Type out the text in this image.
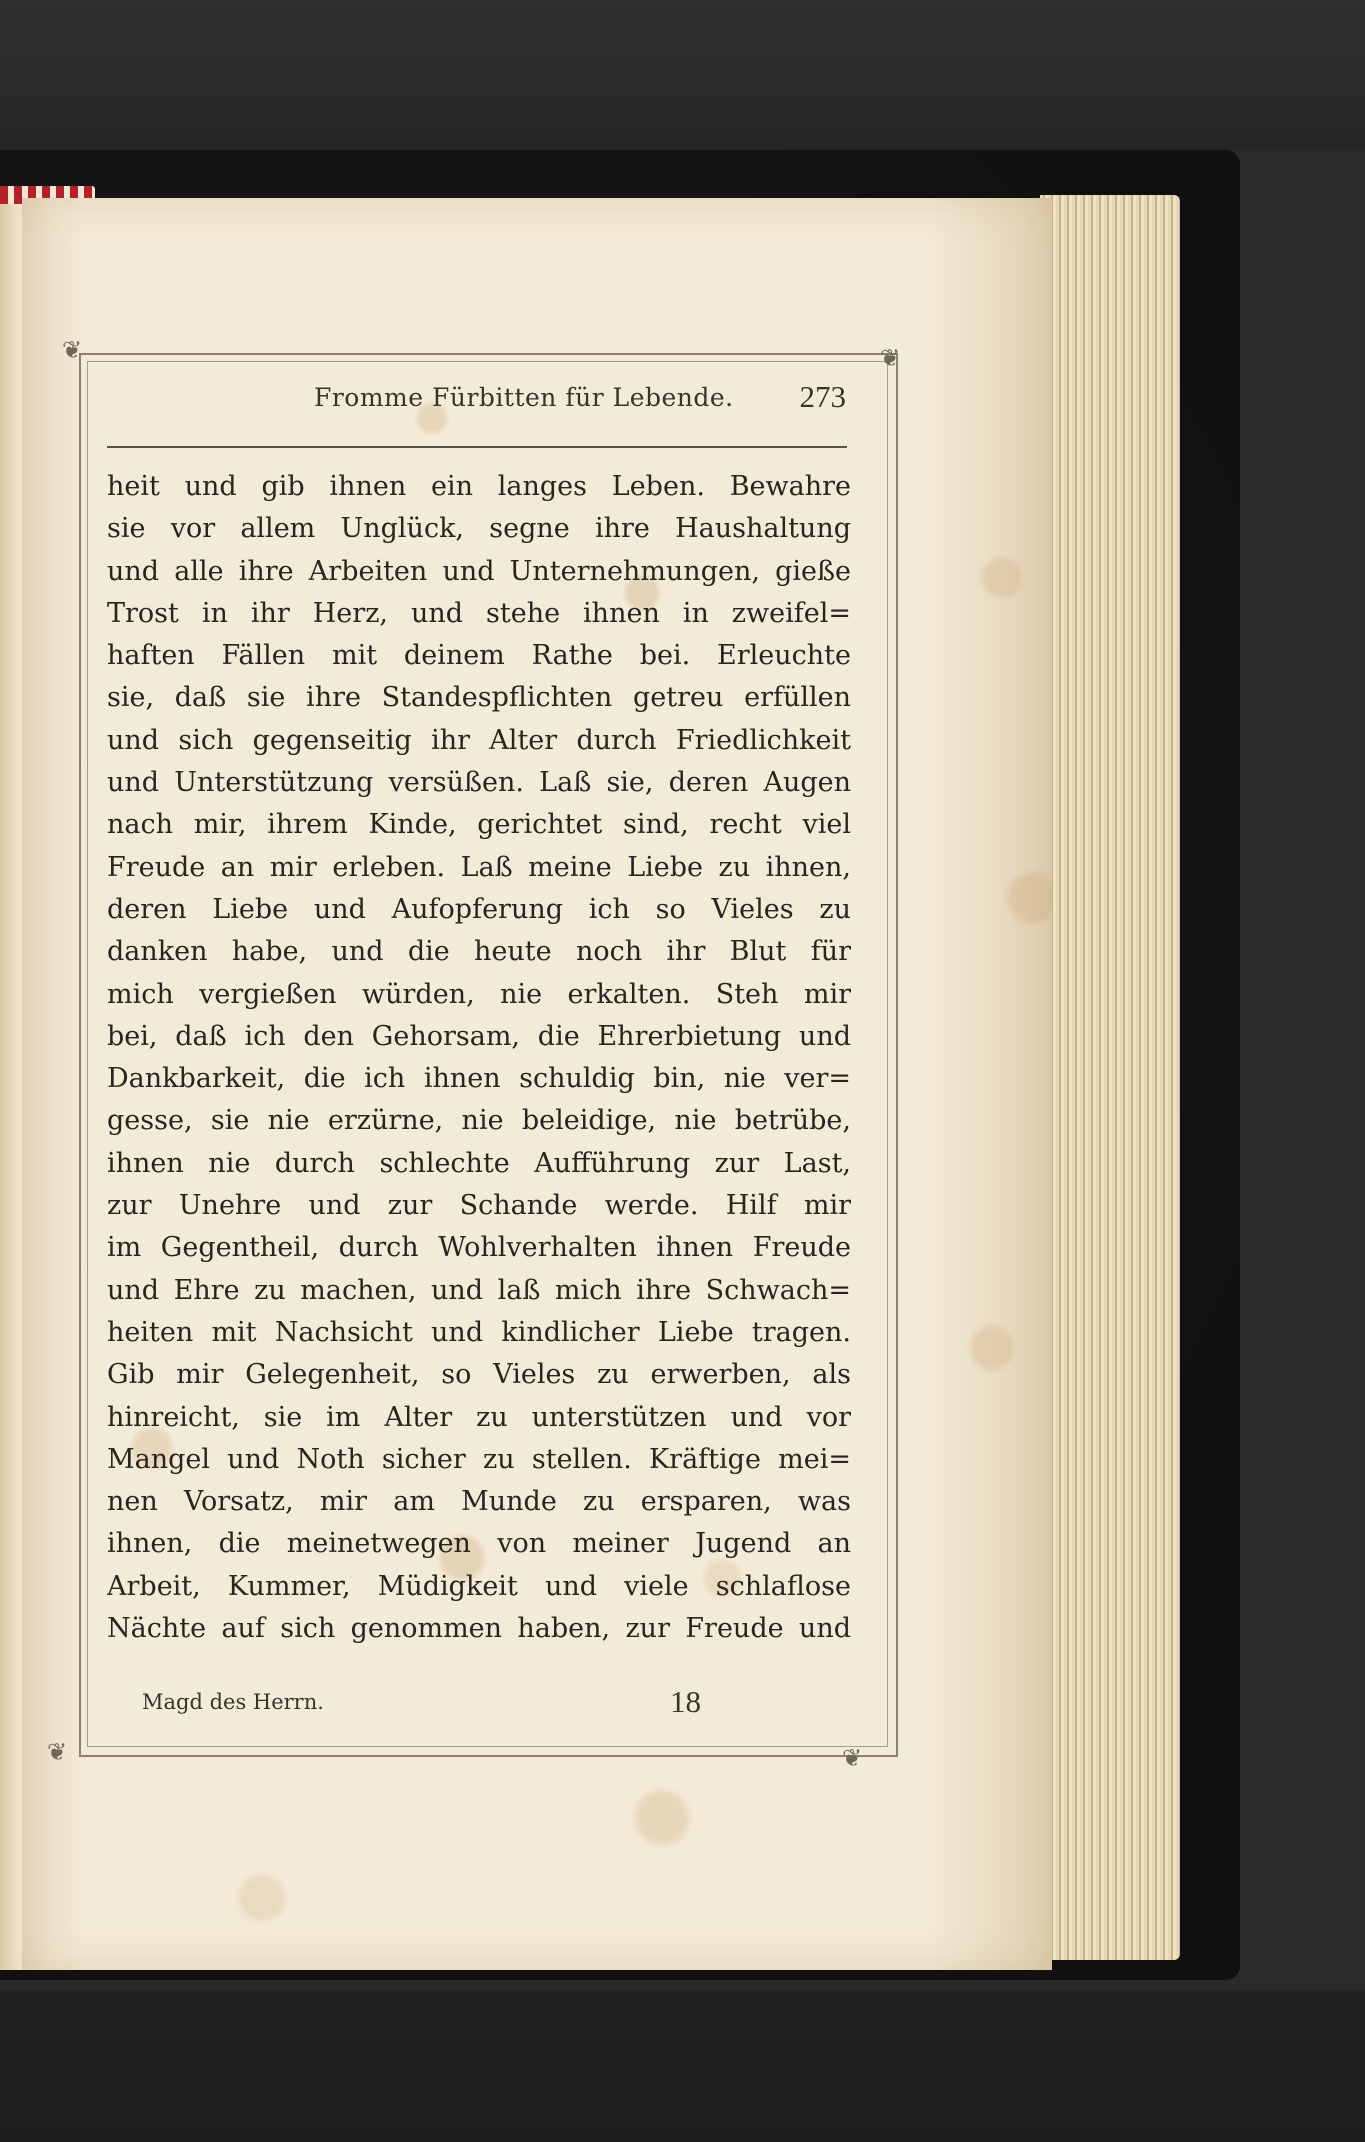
❦	❦
❦	❦
Fromme Fürbitten für Lebende. 273
heit und gib ihnen ein langes Leben. Bewahre
sie vor allem Unglück, segne ihre Haushaltung
und alle ihre Arbeiten und Unternehmungen, gieße
Trost in ihr Herz, und stehe ihnen in zweifel=
haften Fällen mit deinem Rathe bei. Erleuchte
sie, daß sie ihre Standespflichten getreu erfüllen
und sich gegenseitig ihr Alter durch Friedlichkeit
und Unterstützung versüßen. Laß sie, deren Augen
nach mir, ihrem Kinde, gerichtet sind, recht viel
Freude an mir erleben. Laß meine Liebe zu ihnen,
deren Liebe und Aufopferung ich so Vieles zu
danken habe, und die heute noch ihr Blut für
mich vergießen würden, nie erkalten. Steh mir
bei, daß ich den Gehorsam, die Ehrerbietung und
Dankbarkeit, die ich ihnen schuldig bin, nie ver=
gesse, sie nie erzürne, nie beleidige, nie betrübe,
ihnen nie durch schlechte Aufführung zur Last,
zur Unehre und zur Schande werde. Hilf mir
im Gegentheil, durch Wohlverhalten ihnen Freude
und Ehre zu machen, und laß mich ihre Schwach=
heiten mit Nachsicht und kindlicher Liebe tragen.
Gib mir Gelegenheit, so Vieles zu erwerben, als
hinreicht, sie im Alter zu unterstützen und vor
Mangel und Noth sicher zu stellen. Kräftige mei=
nen Vorsatz, mir am Munde zu ersparen, was
ihnen, die meinetwegen von meiner Jugend an
Arbeit, Kummer, Müdigkeit und viele schlaflose
Nächte auf sich genommen haben, zur Freude und
Magd des Herrn.	18
